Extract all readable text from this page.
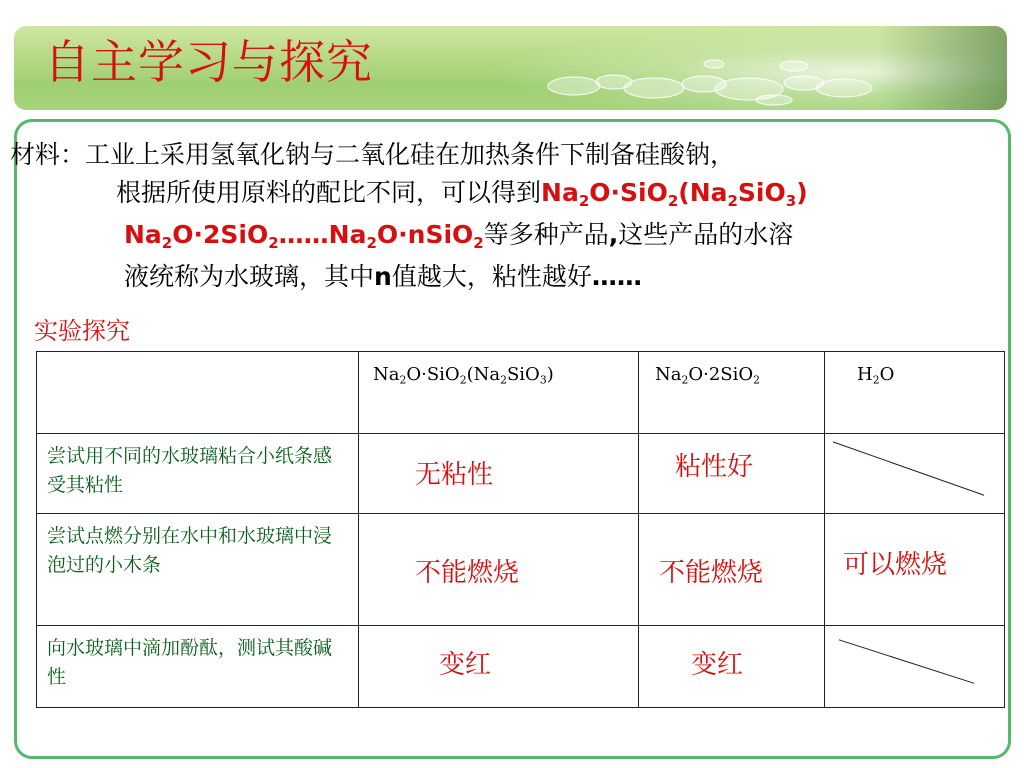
自主学习与探究
材料：工业上采用氢氧化钠与二氧化硅在加热条件下制备硅酸钠，
根据所使用原料的配比不同，可以得到$Na_2O\cdot SiO_2(Na_2SiO_3)$
$Na_2O\cdot 2SiO_2\dots\dots Na_2O\cdot nSiO_2$等多种产品,这些产品的水溶
液统称为水玻璃，其中n值越大，粘性越好……
实验探究

	$Na_2O\cdot SiO_2(Na_2SiO_3)$	$Na_2O\cdot 2SiO_2$	$H_2O$

尝试用不同的水玻璃粘合小纸条感受其粘性	无粘性	粘性好

尝试点燃分别在水中和水玻璃中浸泡过的小木条	不能燃烧	不能燃烧	可以燃烧

向水玻璃中滴加酚酞，测试其酸碱性	变红	变红
